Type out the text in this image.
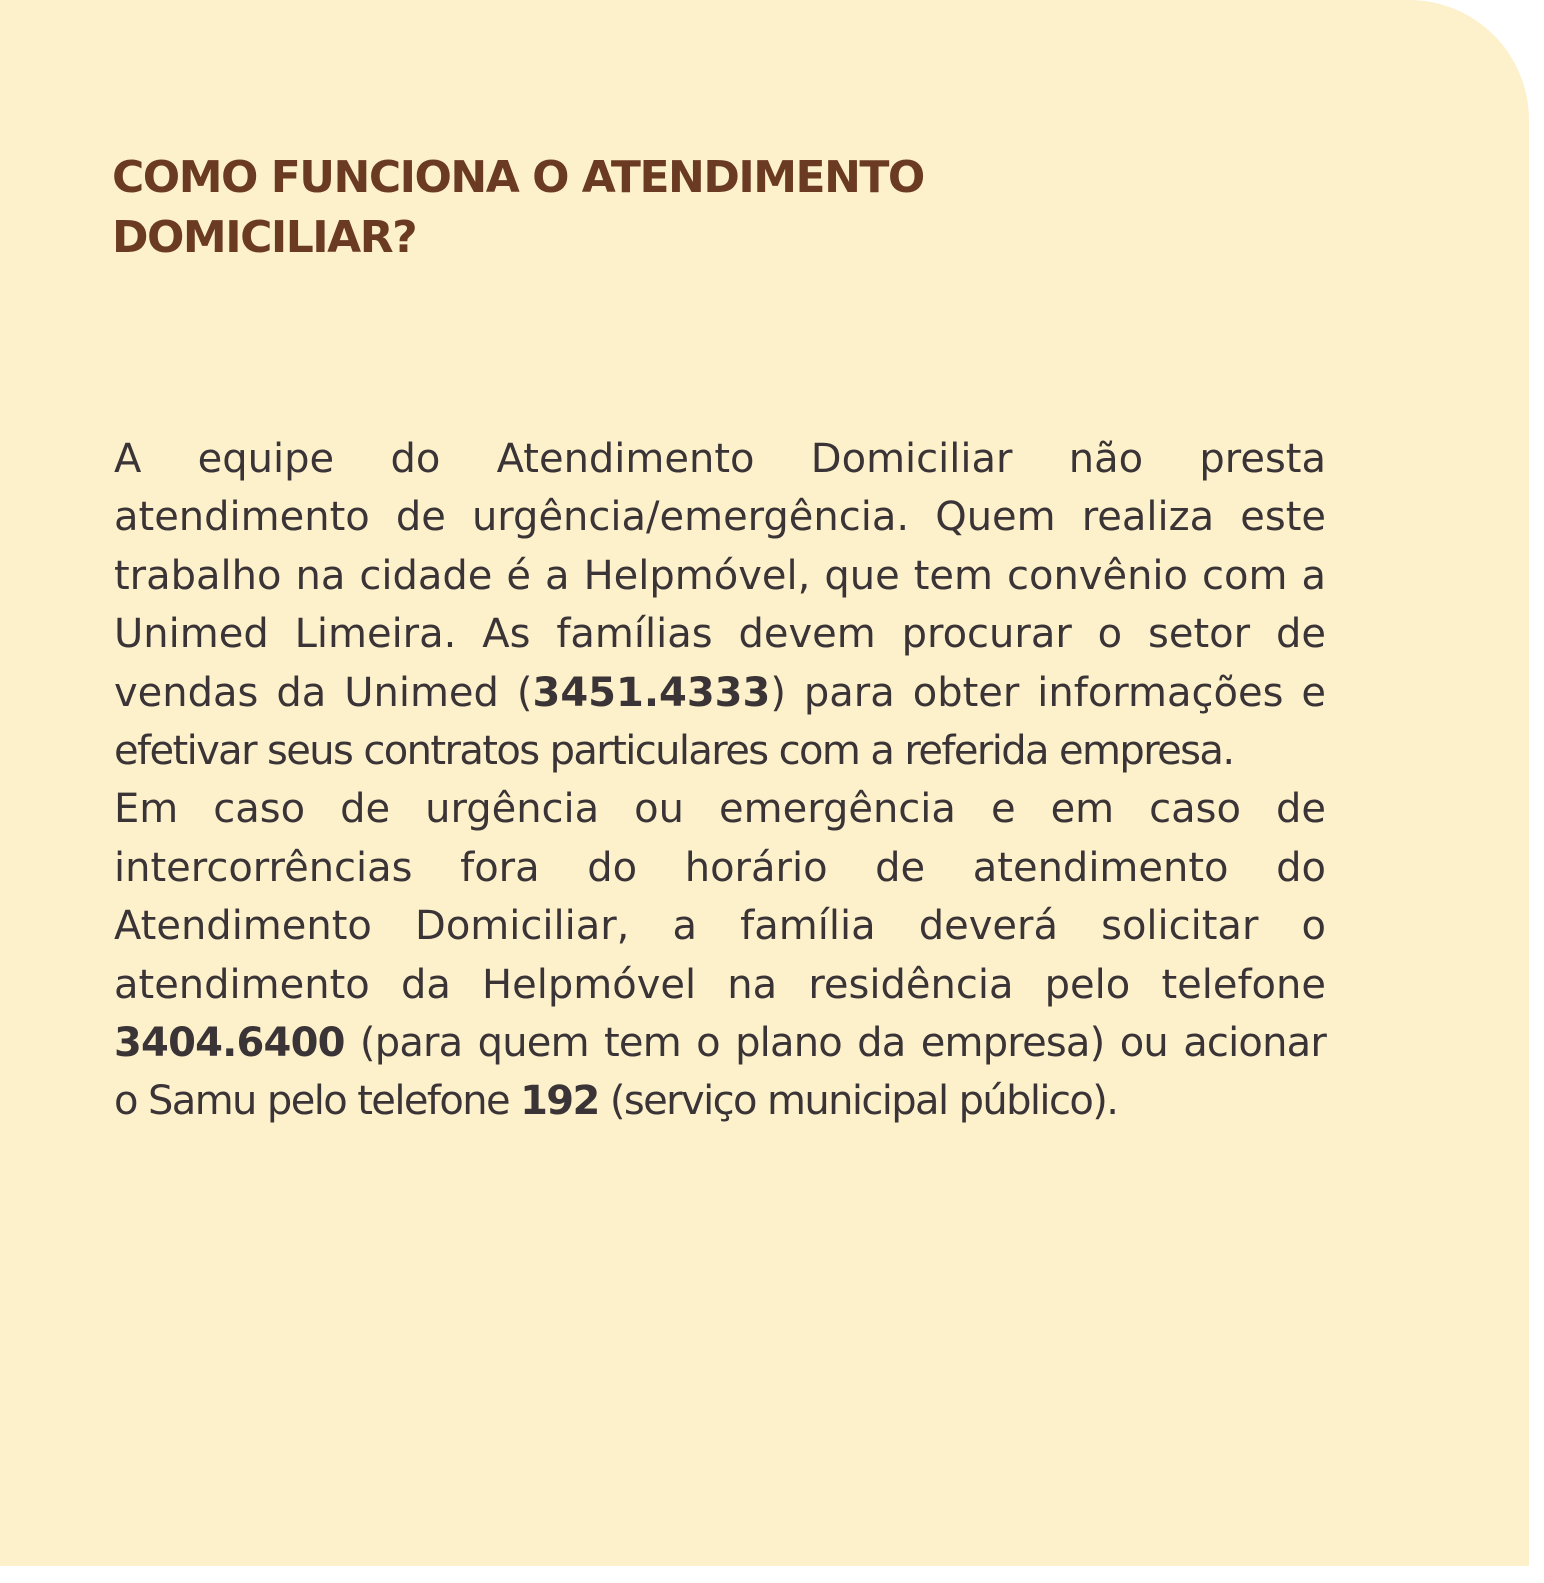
COMO FUNCIONA O ATENDIMENTO
DOMICILIAR?
A equipe do Atendimento Domiciliar não presta
atendimento de urgência/emergência. Quem realiza este
trabalho na cidade é a Helpmóvel, que tem convênio com a
Unimed Limeira. As famílias devem procurar o setor de
vendas da Unimed (3451.4333) para obter informações e
efetivar seus contratos particulares com a referida empresa.
Em caso de urgência ou emergência e em caso de
intercorrências fora do horário de atendimento do
Atendimento Domiciliar, a família deverá solicitar o
atendimento da Helpmóvel na residência pelo telefone
3404.6400 (para quem tem o plano da empresa) ou acionar
o Samu pelo telefone 192 (serviço municipal público).
